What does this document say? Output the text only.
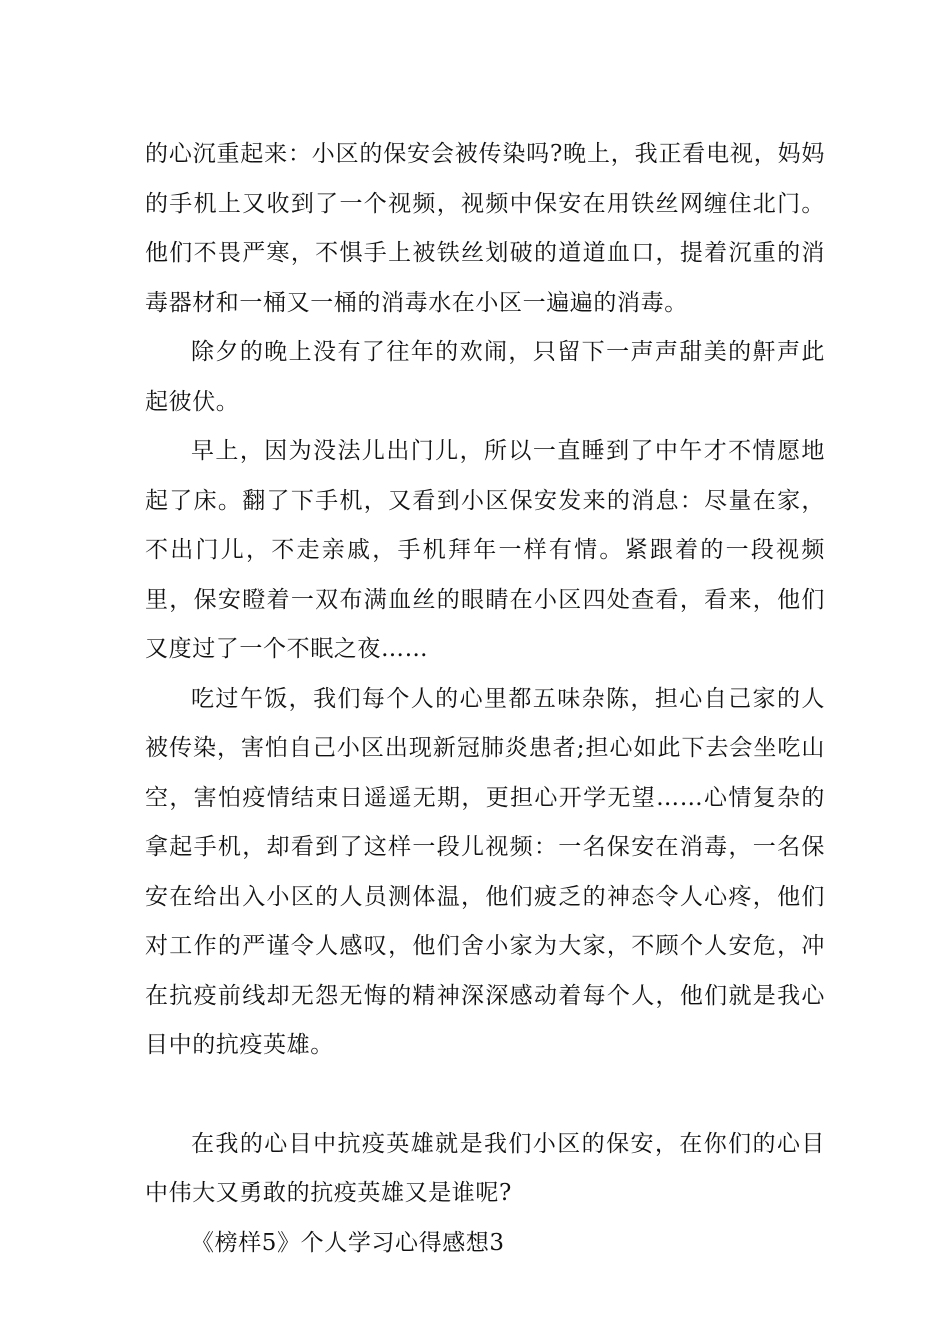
的心沉重起来：小区的保安会被传染吗?晚上，我正看电视，妈妈的手机上又收到了一个视频，视频中保安在用铁丝网缠住北门。他们不畏严寒，不惧手上被铁丝划破的道道血口，提着沉重的消毒器材和一桶又一桶的消毒水在小区一遍遍的消毒。

除夕的晚上没有了往年的欢闹，只留下一声声甜美的鼾声此起彼伏。

早上，因为没法儿出门儿，所以一直睡到了中午才不情愿地起了床。翻了下手机，又看到小区保安发来的消息：尽量在家，不出门儿，不走亲戚，手机拜年一样有情。紧跟着的一段视频里，保安瞪着一双布满血丝的眼睛在小区四处查看，看来，他们又度过了一个不眠之夜……

吃过午饭，我们每个人的心里都五味杂陈，担心自己家的人被传染，害怕自己小区出现新冠肺炎患者;担心如此下去会坐吃山空，害怕疫情结束日遥遥无期，更担心开学无望……心情复杂的拿起手机，却看到了这样一段儿视频：一名保安在消毒，一名保安在给出入小区的人员测体温，他们疲乏的神态令人心疼，他们对工作的严谨令人感叹，他们舍小家为大家，不顾个人安危，冲在抗疫前线却无怨无悔的精神深深感动着每个人，他们就是我心目中的抗疫英雄。

在我的心目中抗疫英雄就是我们小区的保安，在你们的心目中伟大又勇敢的抗疫英雄又是谁呢?

《榜样5》个人学习心得感想3
